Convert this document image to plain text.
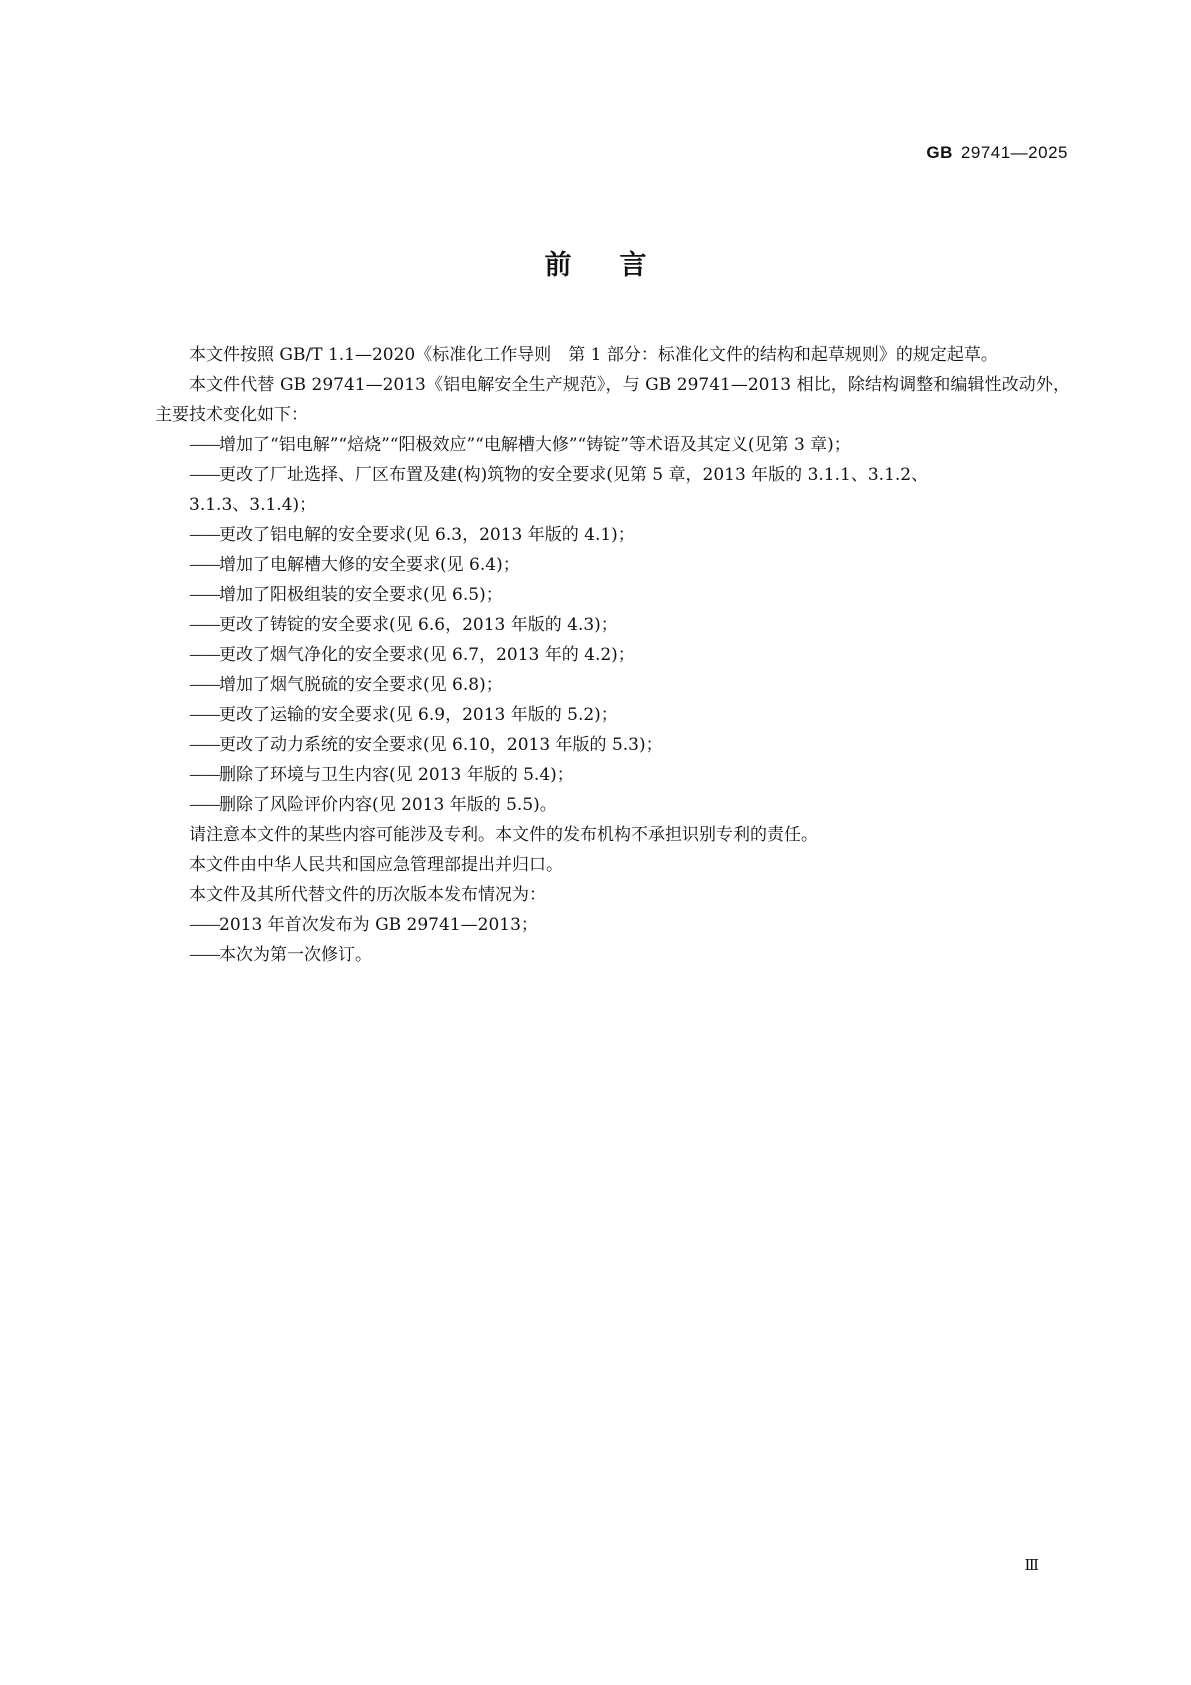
GB 29741—2025
前言

本文件按照 GB/T 1.1—2020《标准化工作导则　第 1 部分：标准化文件的结构和起草规则》的规定起草。

本文件代替 GB 29741—2013《铝电解安全生产规范》，与 GB 29741—2013 相比，除结构调整和编辑性改动外，主要技术变化如下：

——增加了“铝电解”“焙烧”“阳极效应”“电解槽大修”“铸锭”等术语及其定义(见第 3 章)；

——更改了厂址选择、厂区布置及建(构)筑物的安全要求(见第 5 章，2013 年版的 3.1.1、3.1.2、
3.1.3、3.1.4)；

——更改了铝电解的安全要求(见 6.3，2013 年版的 4.1)；

——增加了电解槽大修的安全要求(见 6.4)；

——增加了阳极组装的安全要求(见 6.5)；

——更改了铸锭的安全要求(见 6.6，2013 年版的 4.3)；

——更改了烟气净化的安全要求(见 6.7，2013 年的 4.2)；

——增加了烟气脱硫的安全要求(见 6.8)；

——更改了运输的安全要求(见 6.9，2013 年版的 5.2)；

——更改了动力系统的安全要求(见 6.10，2013 年版的 5.3)；

——删除了环境与卫生内容(见 2013 年版的 5.4)；

——删除了风险评价内容(见 2013 年版的 5.5)。

请注意本文件的某些内容可能涉及专利。本文件的发布机构不承担识别专利的责任。

本文件由中华人民共和国应急管理部提出并归口。

本文件及其所代替文件的历次版本发布情况为：

——2013 年首次发布为 GB 29741—2013；

——本次为第一次修订。

Ⅲ
